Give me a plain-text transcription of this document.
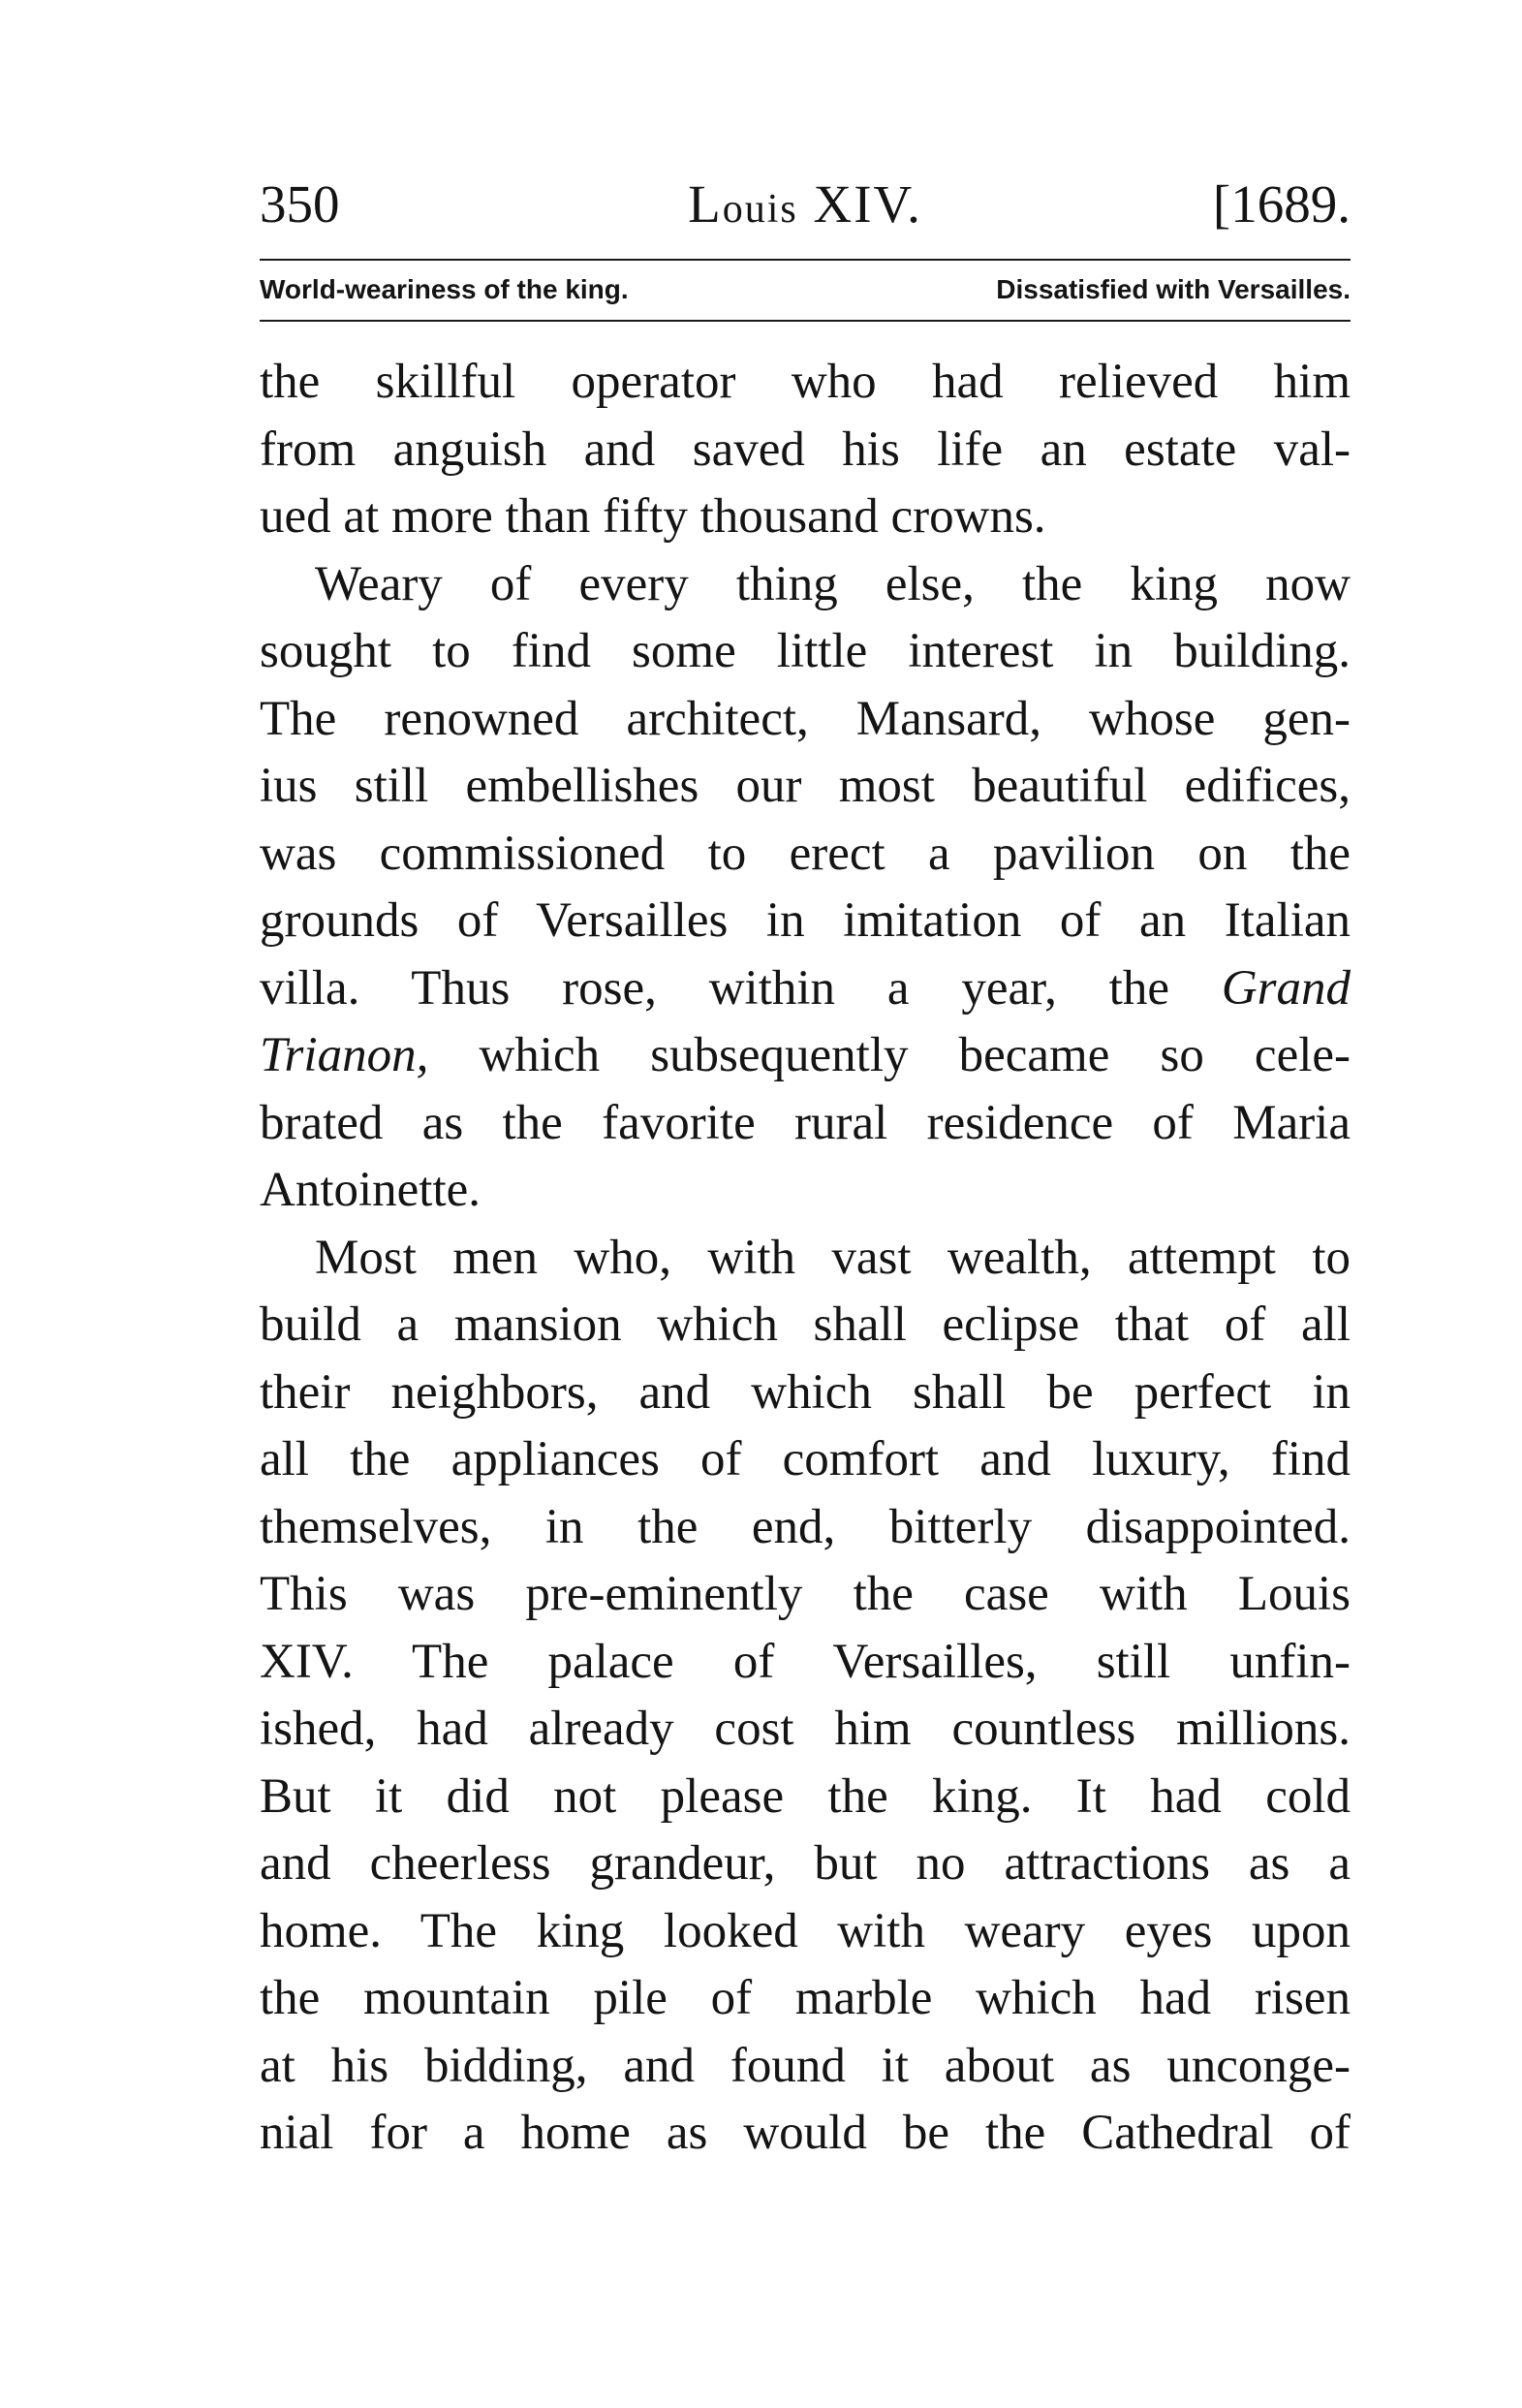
350	Louis XIV.	[1689.
World-weariness of the king.	Dissatisfied with Versailles.
the skillful operator who had relieved him
from anguish and saved his life an estate val-
ued at more than fifty thousand crowns.
Weary of every thing else, the king now
sought to find some little interest in building.
The renowned architect, Mansard, whose gen-
ius still embellishes our most beautiful edifices,
was commissioned to erect a pavilion on the
grounds of Versailles in imitation of an Italian
villa. Thus rose, within a year, the Grand
Trianon, which subsequently became so cele-
brated as the favorite rural residence of Maria
Antoinette.
Most men who, with vast wealth, attempt to
build a mansion which shall eclipse that of all
their neighbors, and which shall be perfect in
all the appliances of comfort and luxury, find
themselves, in the end, bitterly disappointed.
This was pre-eminently the case with Louis
XIV. The palace of Versailles, still unfin-
ished, had already cost him countless millions.
But it did not please the king. It had cold
and cheerless grandeur, but no attractions as a
home. The king looked with weary eyes upon
the mountain pile of marble which had risen
at his bidding, and found it about as unconge-
nial for a home as would be the Cathedral of
